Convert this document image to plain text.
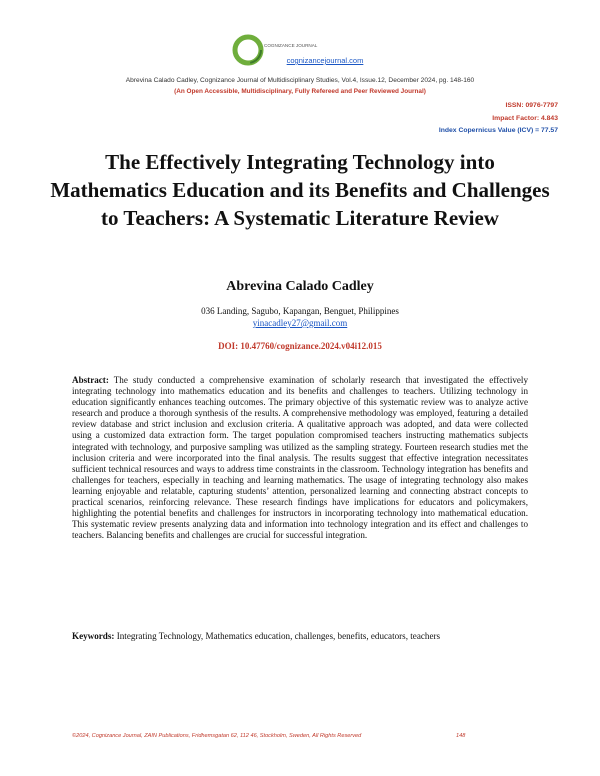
COGNIZANCE JOURNAL
cognizancejournal.com
Abrevina Calado Cadley, Cognizance Journal of Multidisciplinary Studies, Vol.4, Issue.12, December 2024, pg. 148-160
(An Open Accessible, Multidisciplinary, Fully Refereed and Peer Reviewed Journal)
ISSN: 0976-7797
Impact Factor: 4.843
Index Copernicus Value (ICV) = 77.57
The Effectively Integrating Technology into Mathematics Education and its Benefits and Challenges to Teachers: A Systematic Literature Review
Abrevina Calado Cadley
036 Landing, Sagubo, Kapangan, Benguet, Philippines
yinacadley27@gmail.com
DOI: 10.47760/cognizance.2024.v04i12.015

Abstract: The study conducted a comprehensive examination of scholarly research that investigated the effectively integrating technology into mathematics education and its benefits and challenges to teachers. Utilizing technology in education significantly enhances teaching outcomes. The primary objective of this systematic review was to analyze active research and produce a thorough synthesis of the results. A comprehensive methodology was employed, featuring a detailed review database and strict inclusion and exclusion criteria. A qualitative approach was adopted, and data were collected using a customized data extraction form. The target population compromised teachers instructing mathematics subjects integrated with technology, and purposive sampling was utilized as the sampling strategy. Fourteen research studies met the inclusion criteria and were incorporated into the final analysis. The results suggest that effective integration necessitates sufficient technical resources and ways to address time constraints in the classroom. Technology integration has benefits and challenges for teachers, especially in teaching and learning mathematics. The usage of integrating technology also makes learning enjoyable and relatable, capturing students’ attention, personalized learning and connecting abstract concepts to practical scenarios, reinforcing relevance. These research findings have implications for educators and policymakers, highlighting the potential benefits and challenges for instructors in incorporating technology into mathematical education. This systematic review presents analyzing data and information into technology integration and its effect and challenges to teachers. Balancing benefits and challenges are crucial for successful integration.

Keywords: Integrating Technology, Mathematics education, challenges, benefits, educators, teachers
©2024, Cognizance Journal, ZAIN Publications, Fridhemsgatan 62, 112 46, Stockholm, Sweden, All Rights Reserved	148
